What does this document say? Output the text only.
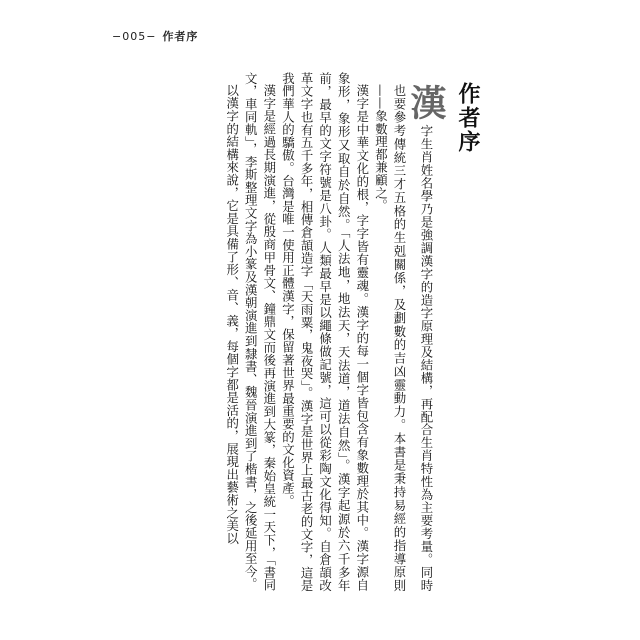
−005− 作者序
作者序

漢字生肖姓名學乃是強調漢字的造字原理及結構，再配合生肖特性為主要考量。同時也要參考傳統三才五格的生剋關係，及劃數的吉凶靈動力。本書是秉持易經的指導原則——象數理都兼顧之。

漢字是中華文化的根，字字皆有靈魂。漢字的每一個字皆包含有象數理於其中。漢字源自象形，象形又取自於自然。「人法地，地法天，天法道，道法自然」。漢字起源於六千多年前，最早的文字符號是八卦。人類最早是以繩條做記號，這可以從彩陶文化得知。自倉頡改革文字也有五千多年，相傳倉頡造字「天雨粟，鬼夜哭」。漢字是世界上最古老的文字，這是我們華人的驕傲。台灣是唯一使用正體漢字，保留著世界最重要的文化資產。

漢字是經過長期演進，從殷商甲骨文、鐘鼎文而後再演進到大篆，秦始皇統一天下，「書同文，車同軌」，李斯整理文字為小篆及漢朝演進到隸書、魏晉演進到了楷書，之後延用至今。

以漢字的結構來說，它是具備了形、音、義，每個字都是活的，展現出藝術之美以
